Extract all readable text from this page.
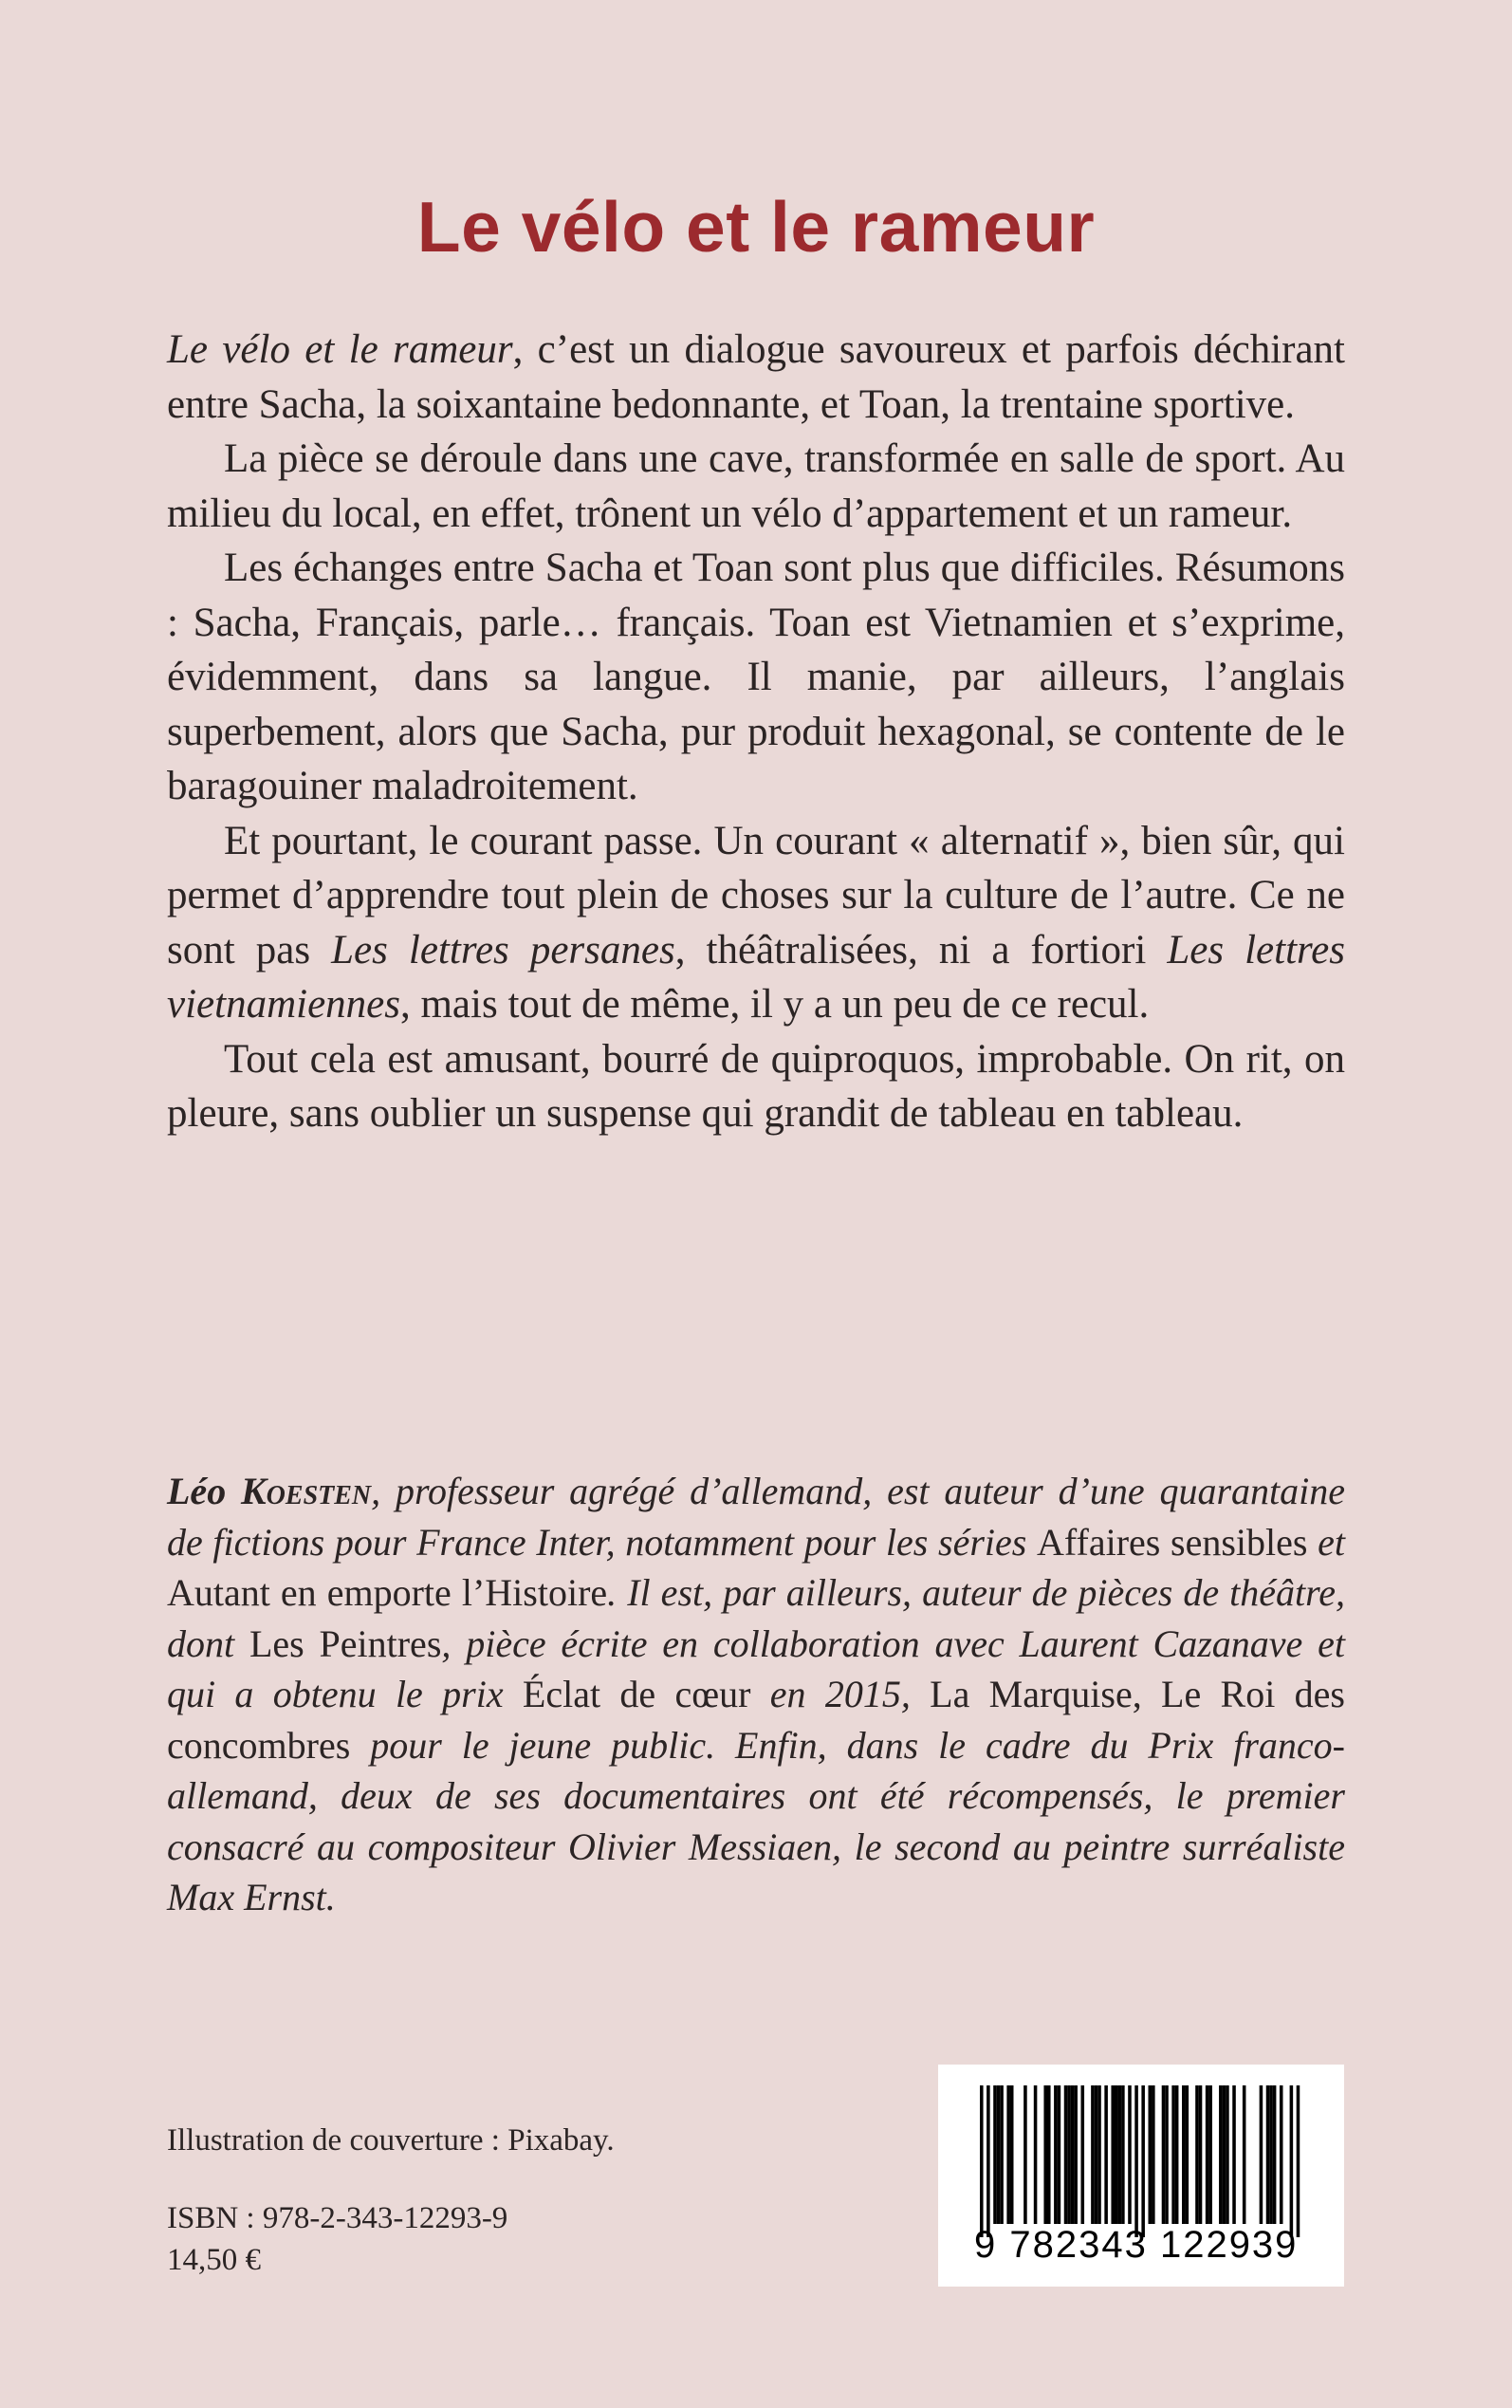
Le vélo et le rameur

Le vélo et le rameur, c’est un dialogue savoureux et parfois déchirant entre Sacha, la soixantaine bedonnante, et Toan, la trentaine sportive.

La pièce se déroule dans une cave, transformée en salle de sport. Au milieu du local, en effet, trônent un vélo d’appartement et un rameur.

Les échanges entre Sacha et Toan sont plus que difficiles. Résumons : Sacha, Français, parle… français. Toan est Vietnamien et s’exprime, évidemment, dans sa langue. Il manie, par ailleurs, l’anglais superbement, alors que Sacha, pur produit hexagonal, se contente de le baragouiner maladroitement.

Et pourtant, le courant passe. Un courant « alternatif », bien sûr, qui permet d’apprendre tout plein de choses sur la culture de l’autre. Ce ne sont pas Les lettres persanes, théâtralisées, ni a fortiori Les lettres vietnamiennes, mais tout de même, il y a un peu de ce recul.

Tout cela est amusant, bourré de quiproquos, improbable. On rit, on pleure, sans oublier un suspense qui grandit de tableau en tableau.

Léo Koesten, professeur agrégé d’allemand, est auteur d’une quarantaine de fictions pour France Inter, notamment pour les séries Affaires sensibles et Autant en emporte l’Histoire. Il est, par ailleurs, auteur de pièces de théâtre, dont Les Peintres, pièce écrite en collaboration avec Laurent Cazanave et qui a obtenu le prix Éclat de cœur en 2015, La Marquise, Le Roi des concombres pour le jeune public. Enfin, dans le cadre du Prix franco-allemand, deux de ses documentaires ont été récompensés, le premier consacré au compositeur Olivier Messiaen, le second au peintre surréaliste Max Ernst.

Illustration de couverture : Pixabay.
ISBN : 978-2-343-12293-9
14,50 €	9 782343 122939
